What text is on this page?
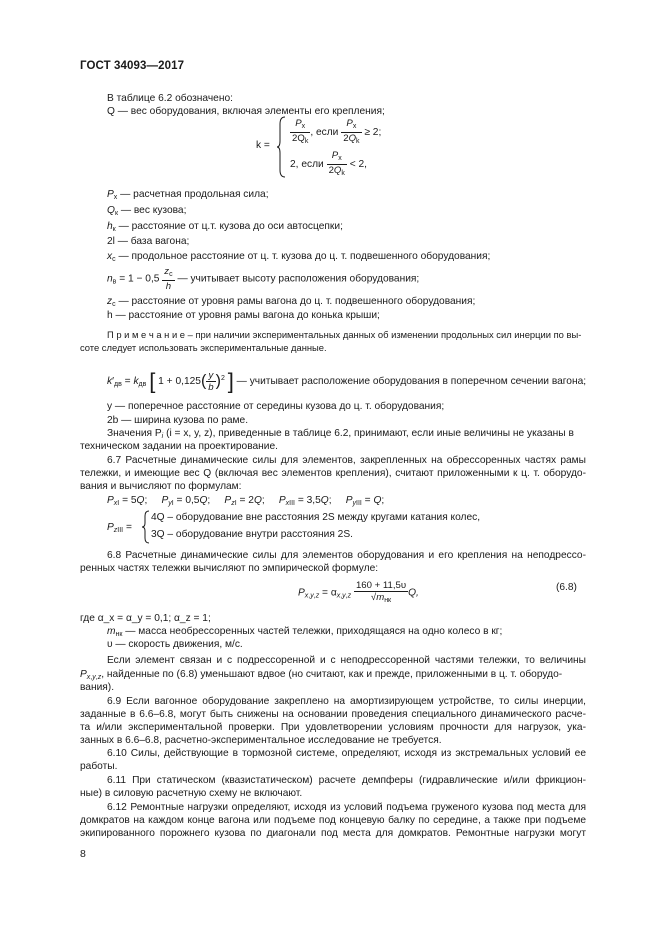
ГОСТ 34093—2017
В таблице 6.2 обозначено:
Q — вес оборудования, включая элементы его крепления;
$k = \frac{P_x}{2Q_k}$ , если $\frac{P_x}{2Q_k} \ge 2$;
2, если $\frac{P_x}{2Q_k} < 2$,
$P_x$ — расчетная продольная сила;
$Q_к$ — вес кузова;
$h_к$ — расстояние от ц.т. кузова до оси автосцепки;
2l — база вагона;
$x_c$ — продольное расстояние от ц. т. кузова до ц. т. подвешенного оборудования;
$n_в = 1 - 0,5 \frac{z_c}{h}$ — учитывает высоту расположения оборудования;
$z_c$ — расстояние от уровня рамы вагона до ц. т. подвешенного оборудования;
h — расстояние от уровня рамы вагона до конька крыши;
П р и м е ч а н и е – при наличии экспериментальных данных об изменении продольных сил инерции по вы-
соте следует использовать экспериментальные данные.
$k'_{дв} = k_{дв}$ [ $1 + 0,125( \frac{y}{b} )^2$ ] — учитывает расположение оборудования в поперечном сечении вагона;
y — поперечное расстояние от середины кузова до ц. т. оборудования;
2b — ширина кузова по раме.
Значения $P_i$ (i = x, y, z), приведенные в таблице 6.2, принимают, если иные величины не указаны в
техническом задании на проектирование.
6.7 Расчетные динамические силы для элементов, закрепленных на обрессоренных частях рамы
тележки, и имеющие вес Q (включая вес элементов крепления), считают приложенными к ц. т. оборудо-
вания и вычисляют по формулам:
$P_{xI} = 5Q$;     $P_{yI} = 0,5Q$;     $P_{zI} = 2Q$;     $P_{xIII} = 3,5Q$;     $P_{yIII} = Q$;
$P_{zIII}$ =
4Q – оборудование вне расстояния 2S между кругами катания колес,
3Q – оборудование внутри расстояния 2S.
6.8 Расчетные динамические силы для элементов оборудования и его крепления на неподрессо-
ренных частях тележки вычисляют по эмпирической формуле:
$P_{x,y,z} = \alpha_{x,y,z} \frac{160 + 11,5\upsilon}{√m_{нк}} Q$,
(6.8)
где α_x = α_y = 0,1; α_z = 1;
$m_{нк}$ — масса необрессоренных частей тележки, приходящаяся на одно колесо в кг;
υ — скорость движения, м/с.
Если элемент связан и с подрессоренной и с неподрессоренной частями тележки, то величины
$P_{x,y,z}$, найденные по (6.8) уменьшают вдвое (но считают, как и прежде, приложенными в ц. т. оборудо-
вания).
6.9 Если вагонное оборудование закреплено на амортизирующем устройстве, то силы инерции,
заданные в 6.6–6.8, могут быть снижены на основании проведения специального динамического расче-
та и/или экспериментальной проверки. При удовлетворении условиям прочности для нагрузок, ука-
занных в 6.6–6.8, расчетно-экспериментальное исследование не требуется.
6.10 Силы, действующие в тормозной системе, определяют, исходя из экстремальных условий ее
работы.
6.11 При статическом (квазистатическом) расчете демпферы (гидравлические и/или фрикцион-
ные) в силовую расчетную схему не включают.
6.12 Ремонтные нагрузки определяют, исходя из условий подъема груженого кузова под места для
домкратов на каждом конце вагона или подъеме под концевую балку по середине, а также при подъеме
экипированного порожнего кузова по диагонали под места для домкратов. Ремонтные нагрузки могут
8
